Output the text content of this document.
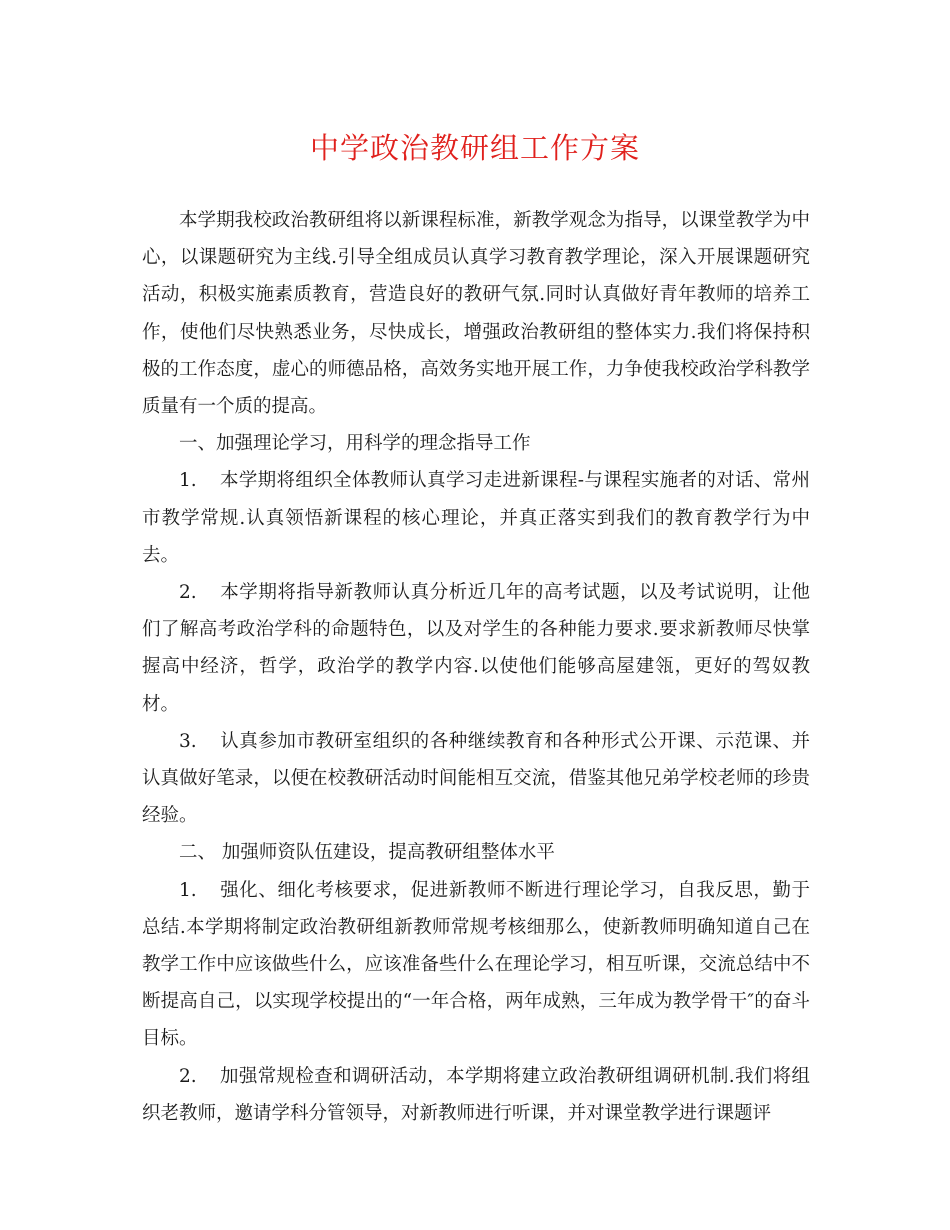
中学政治教研组工作方案

本学期我校政治教研组将以新课程标准，新教学观念为指导，以课堂教学为中心，以课题研究为主线.引导全组成员认真学习教育教学理论，深入开展课题研究活动，积极实施素质教育，营造良好的教研气氛.同时认真做好青年教师的培养工作，使他们尽快熟悉业务，尽快成长，增强政治教研组的整体实力.我们将保持积极的工作态度，虚心的师德品格，高效务实地开展工作，力争使我校政治学科教学质量有一个质的提高。

一、加强理论学习，用科学的理念指导工作

1. 本学期将组织全体教师认真学习走进新课程-与课程实施者的对话、常州市教学常规.认真领悟新课程的核心理论，并真正落实到我们的教育教学行为中去。

2. 本学期将指导新教师认真分析近几年的高考试题，以及考试说明，让他们了解高考政治学科的命题特色，以及对学生的各种能力要求.要求新教师尽快掌握高中经济，哲学，政治学的教学内容.以使他们能够高屋建瓴，更好的驾奴教材。

3. 认真参加市教研室组织的各种继续教育和各种形式公开课、示范课、并认真做好笔录，以便在校教研活动时间能相互交流，借鉴其他兄弟学校老师的珍贵经验。

二、 加强师资队伍建设，提高教研组整体水平

1. 强化、细化考核要求，促进新教师不断进行理论学习，自我反思，勤于总结.本学期将制定政治教研组新教师常规考核细那么，使新教师明确知道自己在教学工作中应该做些什么，应该准备些什么在理论学习，相互听课，交流总结中不断提高自己，以实现学校提出的“一年合格，两年成熟，三年成为教学骨干″的奋斗目标。

2. 加强常规检查和调研活动，本学期将建立政治教研组调研机制.我们将组织老教师，邀请学科分管领导，对新教师进行听课，并对课堂教学进行课题评
